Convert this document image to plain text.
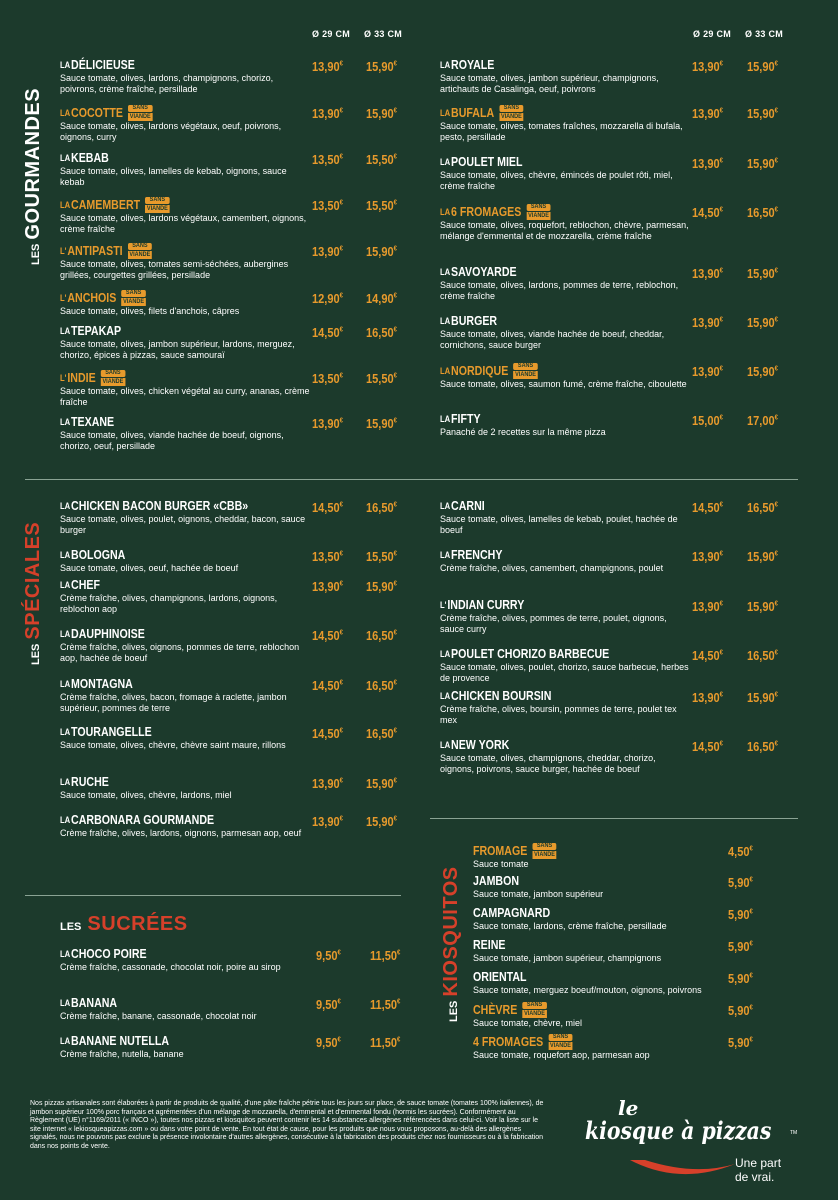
Ø 29 CM Ø 33 CM	Ø 29 CM Ø 33 CM
LESGOURMANDES
LESSPÉCIALES
LESKIOSQUITOS
LES SUCRÉES
LA DÉLICIEUSE
Sauce tomate, olives, lardons, champignons, chorizo, poivrons, crème fraîche, persillade
13,90€ 15,90€
LA COCOTTE	SANS
VIANDE
Sauce tomate, olives, lardons végétaux, oeuf, poivrons, oignons, curry
13,90€ 15,90€
LA KEBAB
Sauce tomate, olives, lamelles de kebab, oignons, sauce kebab
13,50€ 15,50€
LA CAMEMBERT	SANS
VIANDE
Sauce tomate, olives, lardons végétaux, camembert, oignons, crème fraîche
13,50€ 15,50€
L' ANTIPASTI	SANS
VIANDE
Sauce tomate, olives, tomates semi-séchées, aubergines grillées, courgettes grillées, persillade
13,90€ 15,90€
L' ANCHOIS	SANS
VIANDE
Sauce tomate, olives, filets d'anchois, câpres
12,90€ 14,90€
LA TEPAKAP
Sauce tomate, olives, jambon supérieur, lardons, merguez, chorizo, épices à pizzas, sauce samouraï
14,50€ 16,50€
L' INDIE	SANS
VIANDE
Sauce tomate, olives, chicken végétal au curry, ananas, crème fraîche
13,50€ 15,50€
LA TEXANE
Sauce tomate, olives, viande hachée de boeuf, oignons, chorizo, oeuf, persillade
13,90€ 15,90€
LA ROYALE
Sauce tomate, olives, jambon supérieur, champignons, artichauts de Casalinga, oeuf, poivrons
13,90€ 15,90€
LA BUFALA	SANS
VIANDE
Sauce tomate, olives, tomates fraîches, mozzarella di bufala, pesto, persillade
13,90€ 15,90€
LA POULET MIEL
Sauce tomate, olives, chèvre, émincés de poulet rôti, miel, crème fraîche
13,90€ 15,90€
LA 6 FROMAGES	SANS
VIANDE
Sauce tomate, olives, roquefort, reblochon, chèvre, parmesan, mélange d'emmental et de mozzarella, crème fraîche
14,50€ 16,50€
LA SAVOYARDE
Sauce tomate, olives, lardons, pommes de terre, reblochon, crème fraîche
13,90€ 15,90€
LA BURGER
Sauce tomate, olives, viande hachée de boeuf, cheddar, cornichons, sauce burger
13,90€ 15,90€
LA NORDIQUE	SANS
VIANDE
Sauce tomate, olives, saumon fumé, crème fraîche, ciboulette
13,90€ 15,90€
LA FIFTY
Panaché de 2 recettes sur la même pizza
15,00€ 17,00€
LA CHICKEN BACON BURGER «CBB»
Sauce tomate, olives, poulet, oignons, cheddar, bacon, sauce burger
14,50€ 16,50€
LA BOLOGNA
Sauce tomate, olives, oeuf, hachée de boeuf
13,50€ 15,50€
LA CHEF
Crème fraîche, olives, champignons, lardons, oignons, reblochon aop
13,90€ 15,90€
LA DAUPHINOISE
Crème fraîche, olives, oignons, pommes de terre, reblochon aop, hachée de boeuf
14,50€ 16,50€
LA MONTAGNA
Crème fraîche, olives, bacon, fromage à raclette, jambon supérieur, pommes de terre
14,50€ 16,50€
LA TOURANGELLE
Sauce tomate, olives, chèvre, chèvre saint maure, rillons
14,50€ 16,50€
LA RUCHE
Sauce tomate, olives, chèvre, lardons, miel
13,90€ 15,90€
LA CARBONARA GOURMANDE
Crème fraîche, olives, lardons, oignons, parmesan aop, oeuf
13,90€ 15,90€
LA CARNI
Sauce tomate, olives, lamelles de kebab, poulet, hachée de boeuf
14,50€ 16,50€
LA FRENCHY
Crème fraîche, olives, camembert, champignons, poulet
13,90€ 15,90€
L' INDIAN CURRY
Crème fraîche, olives, pommes de terre, poulet, oignons, sauce curry
13,90€ 15,90€
LA POULET CHORIZO BARBECUE
Sauce tomate, olives, poulet, chorizo, sauce barbecue, herbes de provence
14,50€ 16,50€
LA CHICKEN BOURSIN
Crème fraîche, olives, boursin, pommes de terre, poulet tex mex
13,90€ 15,90€
LA NEW YORK
Sauce tomate, olives, champignons, cheddar, chorizo, oignons, poivrons, sauce burger, hachée de boeuf
14,50€ 16,50€
LA CHOCO POIRE
Crème fraîche, cassonade, chocolat noir, poire au sirop
9,50€ 11,50€
LA BANANA
Crème fraîche, banane, cassonade, chocolat noir
9,50€ 11,50€
LA BANANE NUTELLA
Crème fraîche, nutella, banane
9,50€ 11,50€
FROMAGE	SANS
VIANDE
Sauce tomate
4,50€
JAMBON
Sauce tomate, jambon supérieur
5,90€
CAMPAGNARD
Sauce tomate, lardons, crème fraîche, persillade
5,90€
REINE
Sauce tomate, jambon supérieur, champignons
5,90€
ORIENTAL
Sauce tomate, merguez boeuf/mouton, oignons, poivrons
5,90€
CHÈVRE	SANS
VIANDE
Sauce tomate, chèvre, miel
5,90€
4 FROMAGES	SANS
VIANDE
Sauce tomate, roquefort aop, parmesan aop
5,90€
Nos pizzas artisanales sont élaborées à partir de produits de qualité, d'une pâte fraîche pétrie tous les jours sur place, de sauce tomate (tomates 100% italiennes), de jambon supérieur 100% porc français et agrémentées d'un mélange de mozzarella, d'emmental et d'emmental fondu (hormis les sucrées). Conformément au Règlement (UE) n°1169/2011 (« INCO »), toutes nos pizzas et kiosquitos peuvent contenir les 14 substances allergènes référencées dans celui-ci. Voir la liste sur le site internet « lekiosqueapizzas.com » ou dans votre point de vente. En tout état de cause, pour les produits que nous vous proposons, au-delà des allergènes signalés, nous ne pouvons pas exclure la présence involontaire d'autres allergènes, consécutive à la fabrication des produits chez nos fournisseurs ou à la fabrication dans nos points de vente.
le
kiosque à pizzas	TM
Une part
de vrai.
